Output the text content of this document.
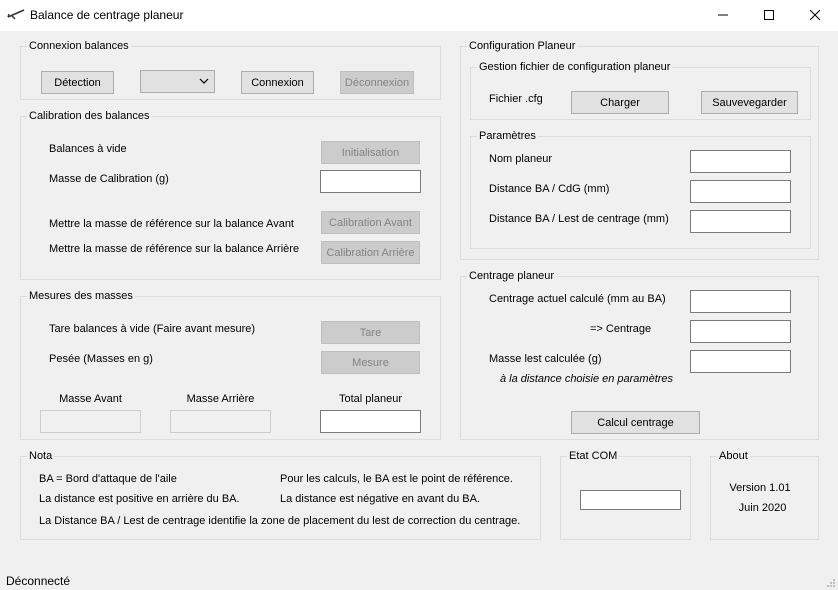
Balance de centrage planeur
Connexion balances
Détection	Connexion	Déconnexion
Calibration des balances
Balances à vide	Initialisation
Masse de Calibration (g)
Mettre la masse de référence sur la balance Avant	Calibration Avant
Mettre la masse de référence sur la balance Arrière	Calibration Arrière
Mesures des masses
Tare balances à vide (Faire avant mesure)	Tare
Pesée (Masses en g)	Mesure
Masse Avant	Masse Arrière	Total planeur
Configuration Planeur
Gestion fichier de configuration planeur
Fichier .cfg	Charger	Sauvevegarder
Paramètres
Nom planeur
Distance BA / CdG (mm)
Distance BA / Lest de centrage (mm)
Centrage planeur
Centrage actuel calculé (mm au BA)
=> Centrage
Masse lest calculée (g)
à la distance choisie en paramètres
Calcul centrage
Nota
BA = Bord d'attaque de l'aile	Pour les calculs, le BA est le point de référence.
La distance est positive en arrière du BA.	La distance est négative en avant du BA.
La Distance BA / Lest de centrage identifie la zone de placement du lest de correction du centrage.
Etat COM	About
Version 1.01
Juin 2020
Déconnecté
